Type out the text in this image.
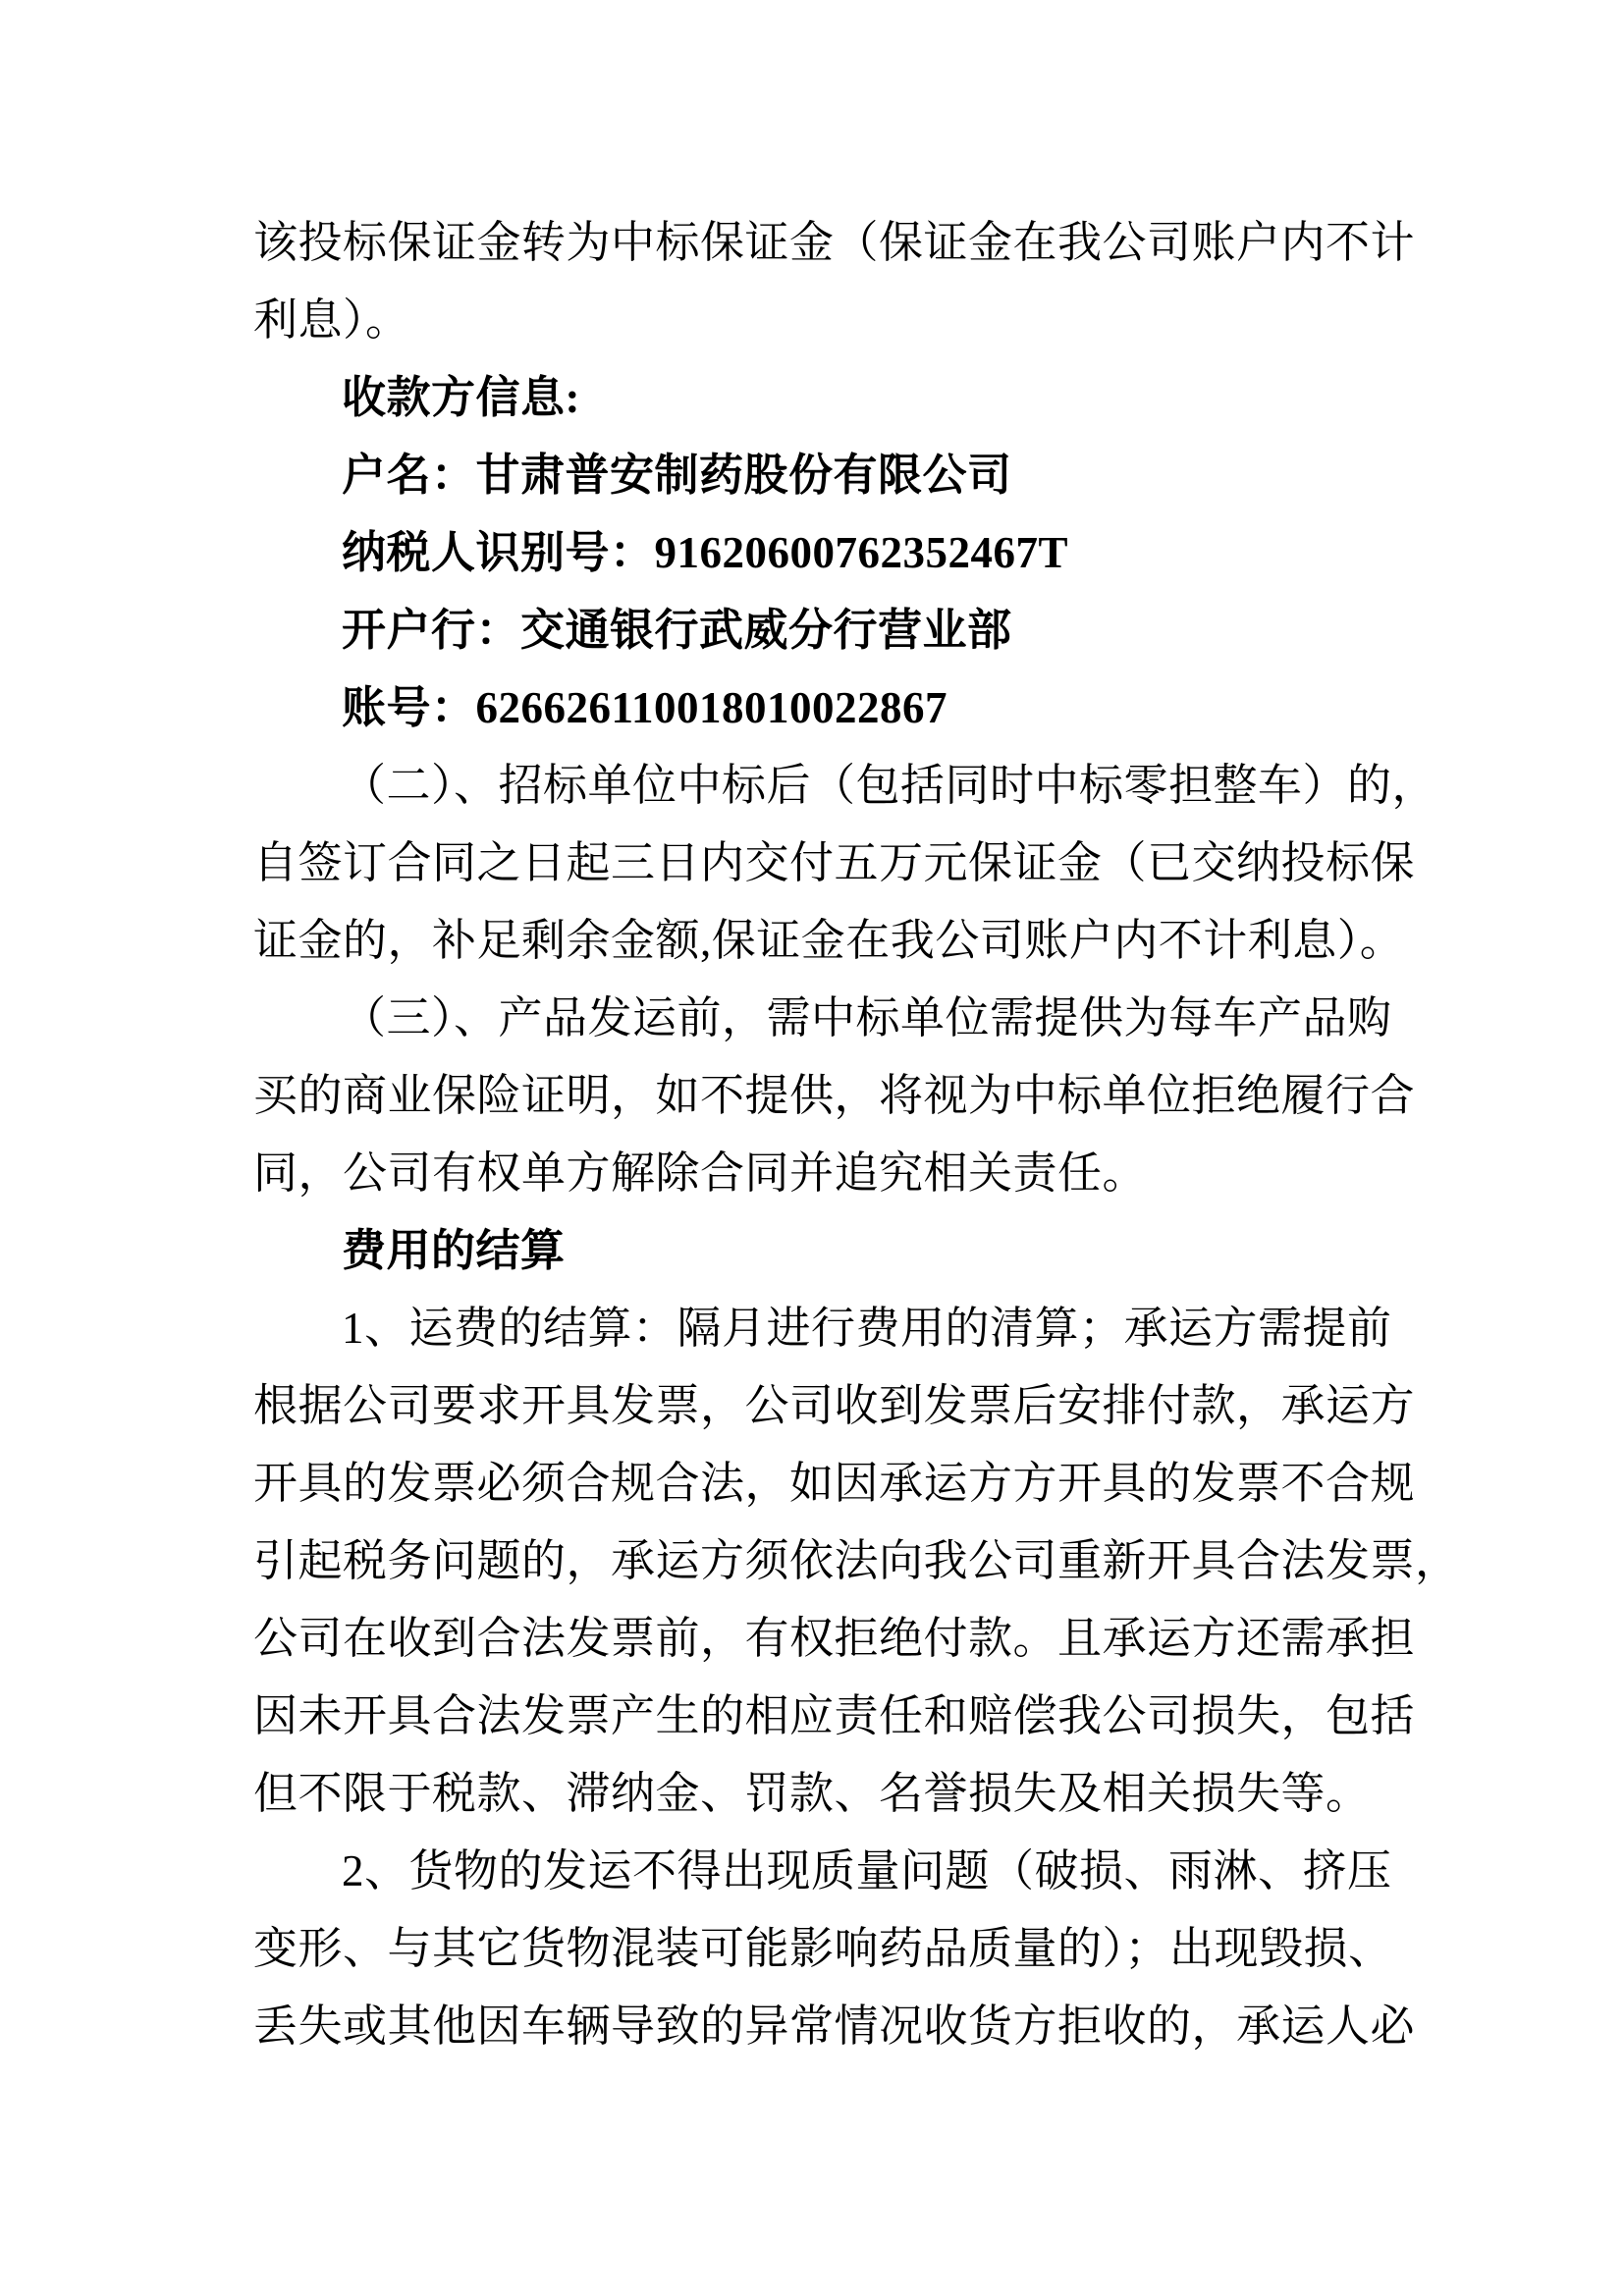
该投标保证金转为中标保证金（保证金在我公司账户内不计
利息）。
收款方信息:
户名：甘肃普安制药股份有限公司
纳税人识别号：91620600762352467T
开户行：交通银行武威分行营业部
账号：626626110018010022867
（二）、招标单位中标后（包括同时中标零担整车）的，
自签订合同之日起三日内交付五万元保证金（已交纳投标保
证金的，补足剩余金额,保证金在我公司账户内不计利息）。
（三）、产品发运前，需中标单位需提供为每车产品购
买的商业保险证明，如不提供，将视为中标单位拒绝履行合
同，公司有权单方解除合同并追究相关责任。
费用的结算
1、运费的结算：隔月进行费用的清算；承运方需提前
根据公司要求开具发票，公司收到发票后安排付款，承运方
开具的发票必须合规合法，如因承运方方开具的发票不合规
引起税务问题的，承运方须依法向我公司重新开具合法发票，
公司在收到合法发票前，有权拒绝付款。且承运方还需承担
因未开具合法发票产生的相应责任和赔偿我公司损失，包括
但不限于税款、滞纳金、罚款、名誉损失及相关损失等。
2、货物的发运不得出现质量问题（破损、雨淋、挤压
变形、与其它货物混装可能影响药品质量的）；出现毁损、
丢失或其他因车辆导致的异常情况收货方拒收的，承运人必
